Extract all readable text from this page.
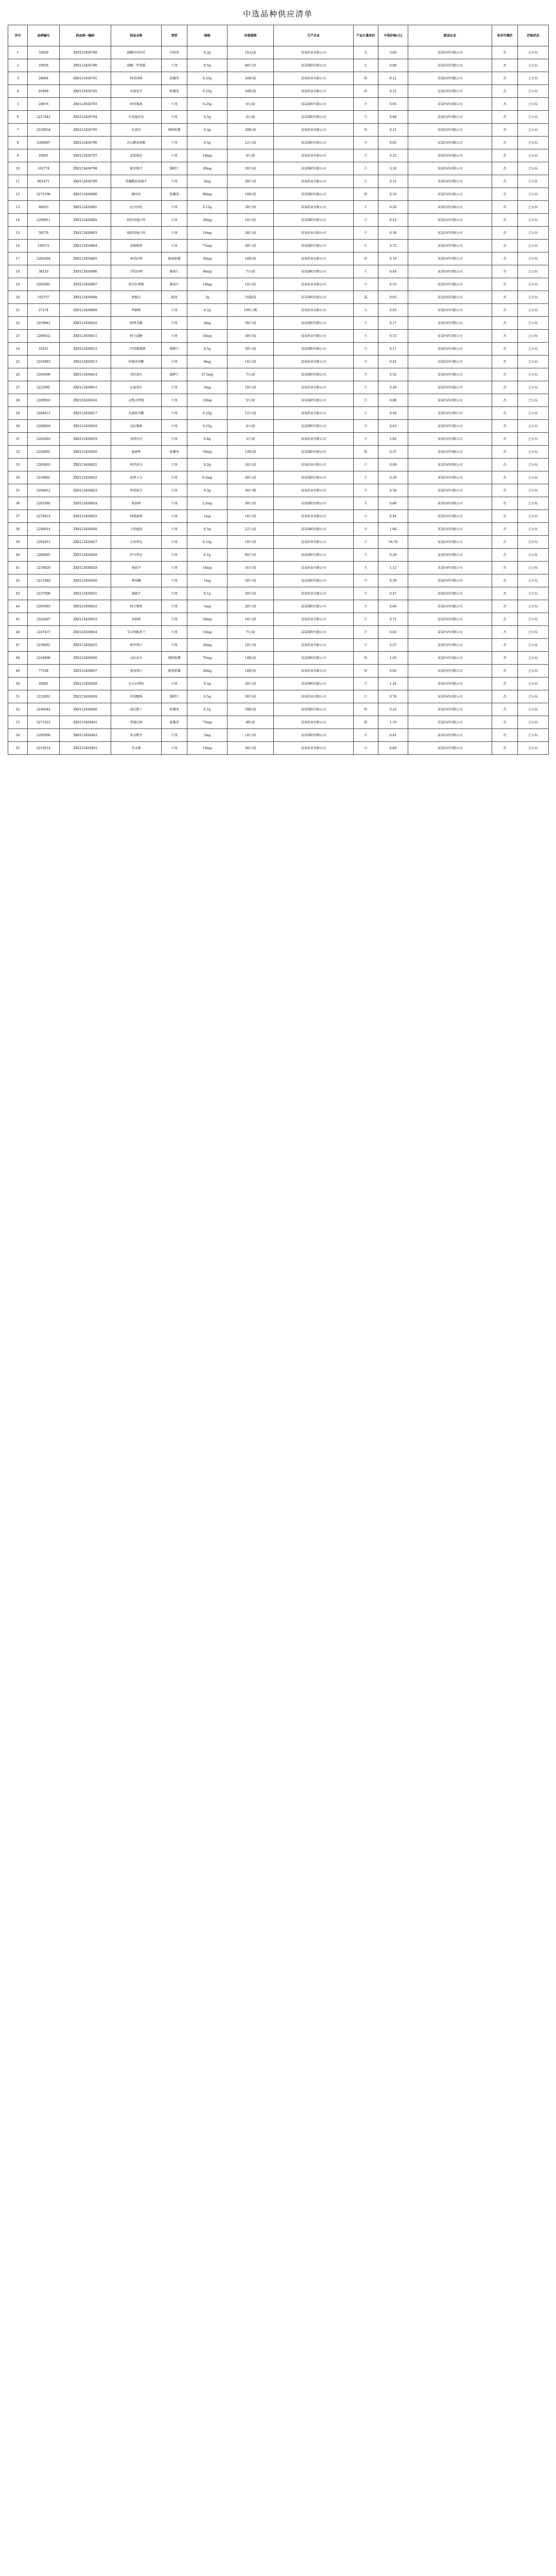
中选品种供应清单
序号	品种编号	药品统一编码	药品名称	剂型	规格	包装规格	生产企业	产品计量单位	中选价格(元)	配送企业	是否可调价	价格状态
1	33629	ZX0123456789	盐酸环丙沙星	注射剂	0.2g	10支/盒	某某药业有限公司	支	3.60	某某医药有限公司	否	已公布
2	10036	ZX0123456790	盐酸二甲双胍	片剂	0.5g	48片/盒	某某制药有限公司	片	0.08	某某医药有限公司	否	已公布
3	28004	ZX0123456791	阿莫西林	胶囊剂	0.25g	24粒/盒	某某药业有限公司	粒	0.12	某某医药有限公司	否	已公布
4	91969	ZX0123456792	头孢氨苄	胶囊剂	0.25g	24粒/盒	某某药业有限公司	粒	0.15	某某医药有限公司	否	已公布
5	20676	ZX0123456793	阿奇霉素	片剂	0.25g	6片/盒	某某制药有限公司	片	0.95	某某医药有限公司	否	已公布
6	2227443	ZX0123456794	左氧氟沙星	片剂	0.5g	4片/盒	某某制药有限公司	片	0.68	某某医药有限公司	否	已公布
7	2229034	ZX0123456795	布洛芬	缓释胶囊	0.3g	20粒/盒	某某药业有限公司	粒	0.21	某某医药有限公司	否	已公布
8	2306697	ZX0123456796	对乙酰氨基酚	片剂	0.5g	12片/盒	某某制药有限公司	片	0.05	某某医药有限公司	否	已公布
9	29001	ZX0123456797	氯雷他定	片剂	10mg	6片/盒	某某药业有限公司	片	0.22	某某医药有限公司	否	已公布
10	102774	ZX0123456798	硝苯地平	缓释片	20mg	30片/盒	某某制药有限公司	片	0.18	某某医药有限公司	否	已公布
11	861471	ZX0123456799	苯磺酸氨氯地平	片剂	5mg	28片/盒	某某药业有限公司	片	0.15	某某医药有限公司	否	已公布
12	2272106	ZX0123456800	缬沙坦	胶囊剂	80mg	14粒/盒	某某制药有限公司	粒	0.35	某某医药有限公司	否	已公布
13	86033	ZX0123456801	厄贝沙坦	片剂	0.15g	28片/盒	某某药业有限公司	片	0.26	某某医药有限公司	否	已公布
14	2299011	ZX0123456802	阿托伐他汀钙	片剂	20mg	14片/盒	某某制药有限公司	片	0.42	某某医药有限公司	否	已公布
15	58578	ZX0123456803	瑞舒伐他汀钙	片剂	10mg	28片/盒	某某药业有限公司	片	0.38	某某医药有限公司	否	已公布
16	109372	ZX0123456804	氯吡格雷	片剂	75mg	28片/盒	某某制药有限公司	片	0.72	某某医药有限公司	否	已公布
17	2282004	ZX0123456805	奥美拉唑	肠溶胶囊	20mg	14粒/盒	某某药业有限公司	粒	0.19	某某医药有限公司	否	已公布
18	38120	ZX0123456806	泮托拉唑	肠溶片	40mg	7片/盒	某某制药有限公司	片	0.46	某某医药有限公司	否	已公布
19	2265081	ZX0123456807	雷贝拉唑钠	肠溶片	10mg	14片/盒	某某药业有限公司	片	0.55	某某医药有限公司	否	已公布
20	102757	ZX0123456808	蒙脱石	散剂	3g	10袋/盒	某某制药有限公司	袋	0.65	某某医药有限公司	否	已公布
21	27274	ZX0123456809	甲硝唑	片剂	0.2g	100片/瓶	某某药业有限公司	片	0.03	某某医药有限公司	否	已公布
22	2259841	ZX0123456810	格列美脲	片剂	2mg	30片/盒	某某制药有限公司	片	0.17	某某医药有限公司	否	已公布
23	2289032	ZX0123456811	阿卡波糖	片剂	50mg	30片/盒	某某药业有限公司	片	0.33	某某医药有限公司	否	已公布
24	10251	ZX0123456812	二甲双胍缓释	缓释片	0.5g	30片/盒	某某制药有限公司	片	0.11	某某医药有限公司	否	已公布
25	2216083	ZX0123456813	坎地沙坦酯	片剂	8mg	14片/盒	某某药业有限公司	片	0.41	某某医药有限公司	否	已公布
26	2204000	ZX0123456814	美托洛尔	缓释片	47.5mg	7片/盒	某某制药有限公司	片	0.52	某某医药有限公司	否	已公布
27	2223001	ZX0123456815	比索洛尔	片剂	5mg	10片/盒	某某药业有限公司	片	0.29	某某医药有限公司	否	已公布
28	2209010	ZX0123456816	孟鲁司特钠	片剂	10mg	5片/盒	某某制药有限公司	片	0.98	某某医药有限公司	否	已公布
29	2268413	ZX0123456817	头孢呋辛酯	片剂	0.25g	12片/盒	某某药业有限公司	片	0.48	某某医药有限公司	否	已公布
30	2208029	ZX0123456818	克拉霉素	片剂	0.25g	6片/盒	某某制药有限公司	片	0.63	某某医药有限公司	否	已公布
31	2202003	ZX0123456819	莫西沙星	片剂	0.4g	3片/盒	某某药业有限公司	片	2.85	某某医药有限公司	否	已公布
32	2226001	ZX0123456820	氟康唑	胶囊剂	50mg	12粒/盒	某某制药有限公司	粒	0.37	某某医药有限公司	否	已公布
33	2283003	ZX0123456821	阿昔洛韦	片剂	0.2g	24片/盒	某某药业有限公司	片	0.09	某某医药有限公司	否	已公布
34	2234001	ZX0123456822	恩替卡韦	片剂	0.5mg	28片/盒	某某制药有限公司	片	0.20	某某医药有限公司	否	已公布
35	2209612	ZX0123456823	替诺福韦	片剂	0.3g	30片/瓶	某某药业有限公司	片	0.58	某某医药有限公司	否	已公布
36	2201005	ZX0123456824	来曲唑	片剂	2.5mg	30片/盒	某某制药有限公司	片	0.86	某某医药有限公司	否	已公布
37	2278412	ZX0123456825	阿那曲唑	片剂	1mg	14片/盒	某某药业有限公司	片	0.94	某某医药有限公司	否	已公布
38	2240014	ZX0123456826	卡培他滨	片剂	0.5g	12片/盒	某某制药有限公司	片	1.68	某某医药有限公司	否	已公布
39	2291013	ZX0123456827	吉非替尼	片剂	0.25g	10片/盒	某某药业有限公司	片	54.70	某某医药有限公司	否	已公布
40	2284001	ZX0123456828	伊马替尼	片剂	0.1g	60片/盒	某某制药有限公司	片	6.20	某某医药有限公司	否	已公布
41	2219020	ZX0123456829	奥氮平	片剂	10mg	14片/盒	某某药业有限公司	片	1.12	某某医药有限公司	否	已公布
42	2211040	ZX0123456830	利培酮	片剂	1mg	20片/盒	某某制药有限公司	片	0.30	某某医药有限公司	否	已公布
43	2237008	ZX0123456831	喹硫平	片剂	0.1g	30片/盒	某某药业有限公司	片	0.47	某某医药有限公司	否	已公布
44	2205093	ZX0123456832	阿立哌唑	片剂	5mg	20片/盒	某某制药有限公司	片	0.66	某某医药有限公司	否	已公布
45	2242007	ZX0123456833	舍曲林	片剂	50mg	14片/盒	某某药业有限公司	片	0.71	某某医药有限公司	否	已公布
46	2247437	ZX0123456834	艾司西酞普兰	片剂	10mg	7片/盒	某某制药有限公司	片	0.83	某某医药有限公司	否	已公布
47	2236061	ZX0123456835	帕罗西汀	片剂	20mg	10片/盒	某某药业有限公司	片	0.57	某某医药有限公司	否	已公布
48	2244008	ZX0123456836	文拉法辛	缓释胶囊	75mg	14粒/盒	某某制药有限公司	粒	1.05	某某医药有限公司	否	已公布
49	77338	ZX0123456837	度洛西汀	肠溶胶囊	20mg	14粒/盒	某某药业有限公司	粒	0.92	某某医药有限公司	否	已公布
50	20081	ZX0123456838	左乙拉西坦	片剂	0.5g	30片/盒	某某制药有限公司	片	1.24	某某医药有限公司	否	已公布
51	2232001	ZX0123456839	丙戊酸钠	缓释片	0.5g	30片/盒	某某药业有限公司	片	0.76	某某医药有限公司	否	已公布
52	2246644	ZX0123456840	加巴喷丁	胶囊剂	0.1g	50粒/盒	某某制药有限公司	粒	0.23	某某医药有限公司	否	已公布
53	2271023	ZX0123456841	普瑞巴林	胶囊剂	75mg	8粒/盒	某某药业有限公司	粒	1.33	某某医药有限公司	否	已公布
54	2295000	ZX0123456842	多奈哌齐	片剂	5mg	14片/盒	某某制药有限公司	片	0.61	某某医药有限公司	否	已公布
55	2214014	ZX0123456843	美金刚	片剂	10mg	28片/盒	某某药业有限公司	片	0.89	某某医药有限公司	否	已公布
